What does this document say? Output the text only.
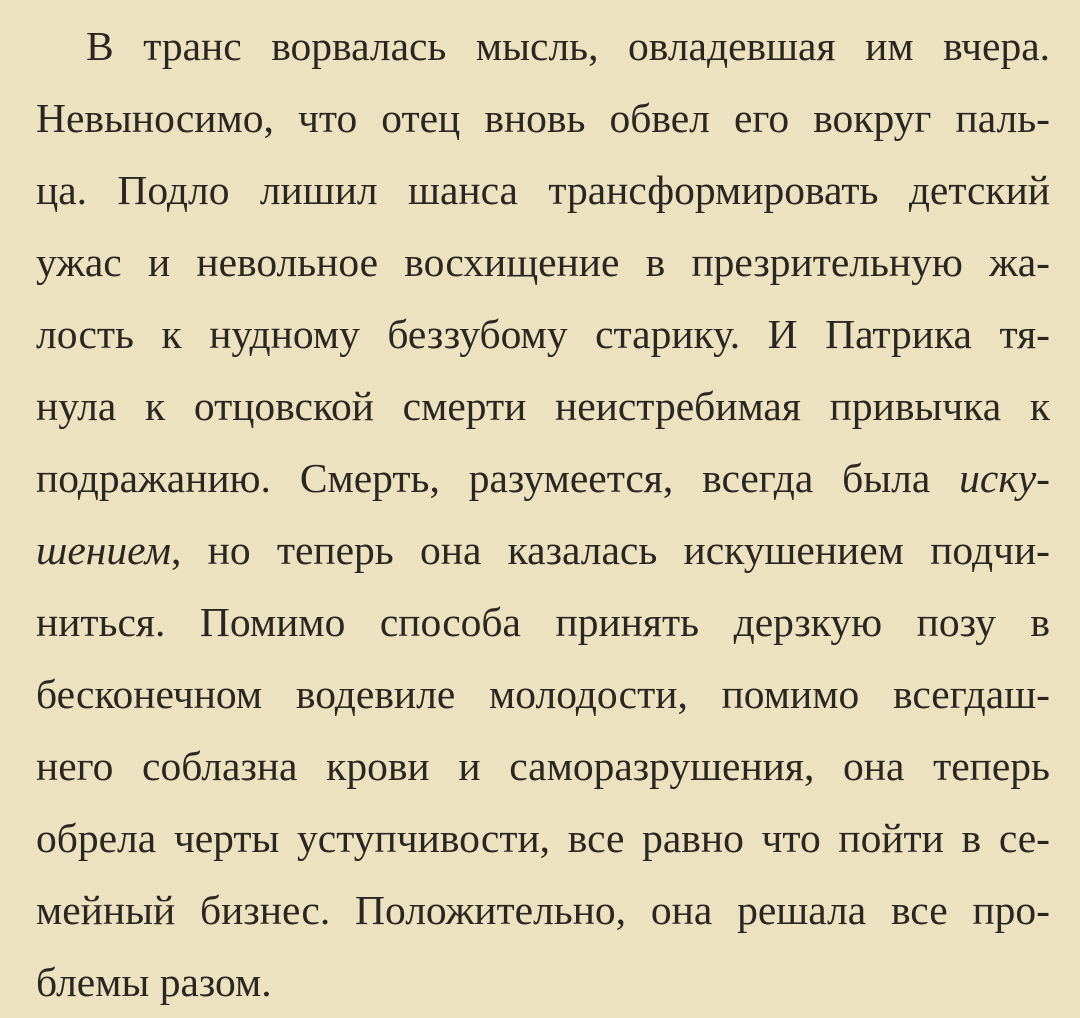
В транс ворвалась мысль, овладевшая им вчера.
Невыносимо, что отец вновь обвел его вокруг паль-
ца. Подло лишил шанса трансформировать детский
ужас и невольное восхищение в презрительную жа-
лость к нудному беззубому старику. И Патрика тя-
нула к отцовской смерти неистребимая привычка к
подражанию. Смерть, разумеется, всегда была иску-
шением, но теперь она казалась искушением подчи-
ниться. Помимо способа принять дерзкую позу в
бесконечном водевиле молодости, помимо всегдаш-
него соблазна крови и саморазрушения, она теперь
обрела черты уступчивости, все равно что пойти в се-
мейный бизнес. Положительно, она решала все про-
блемы разом.
